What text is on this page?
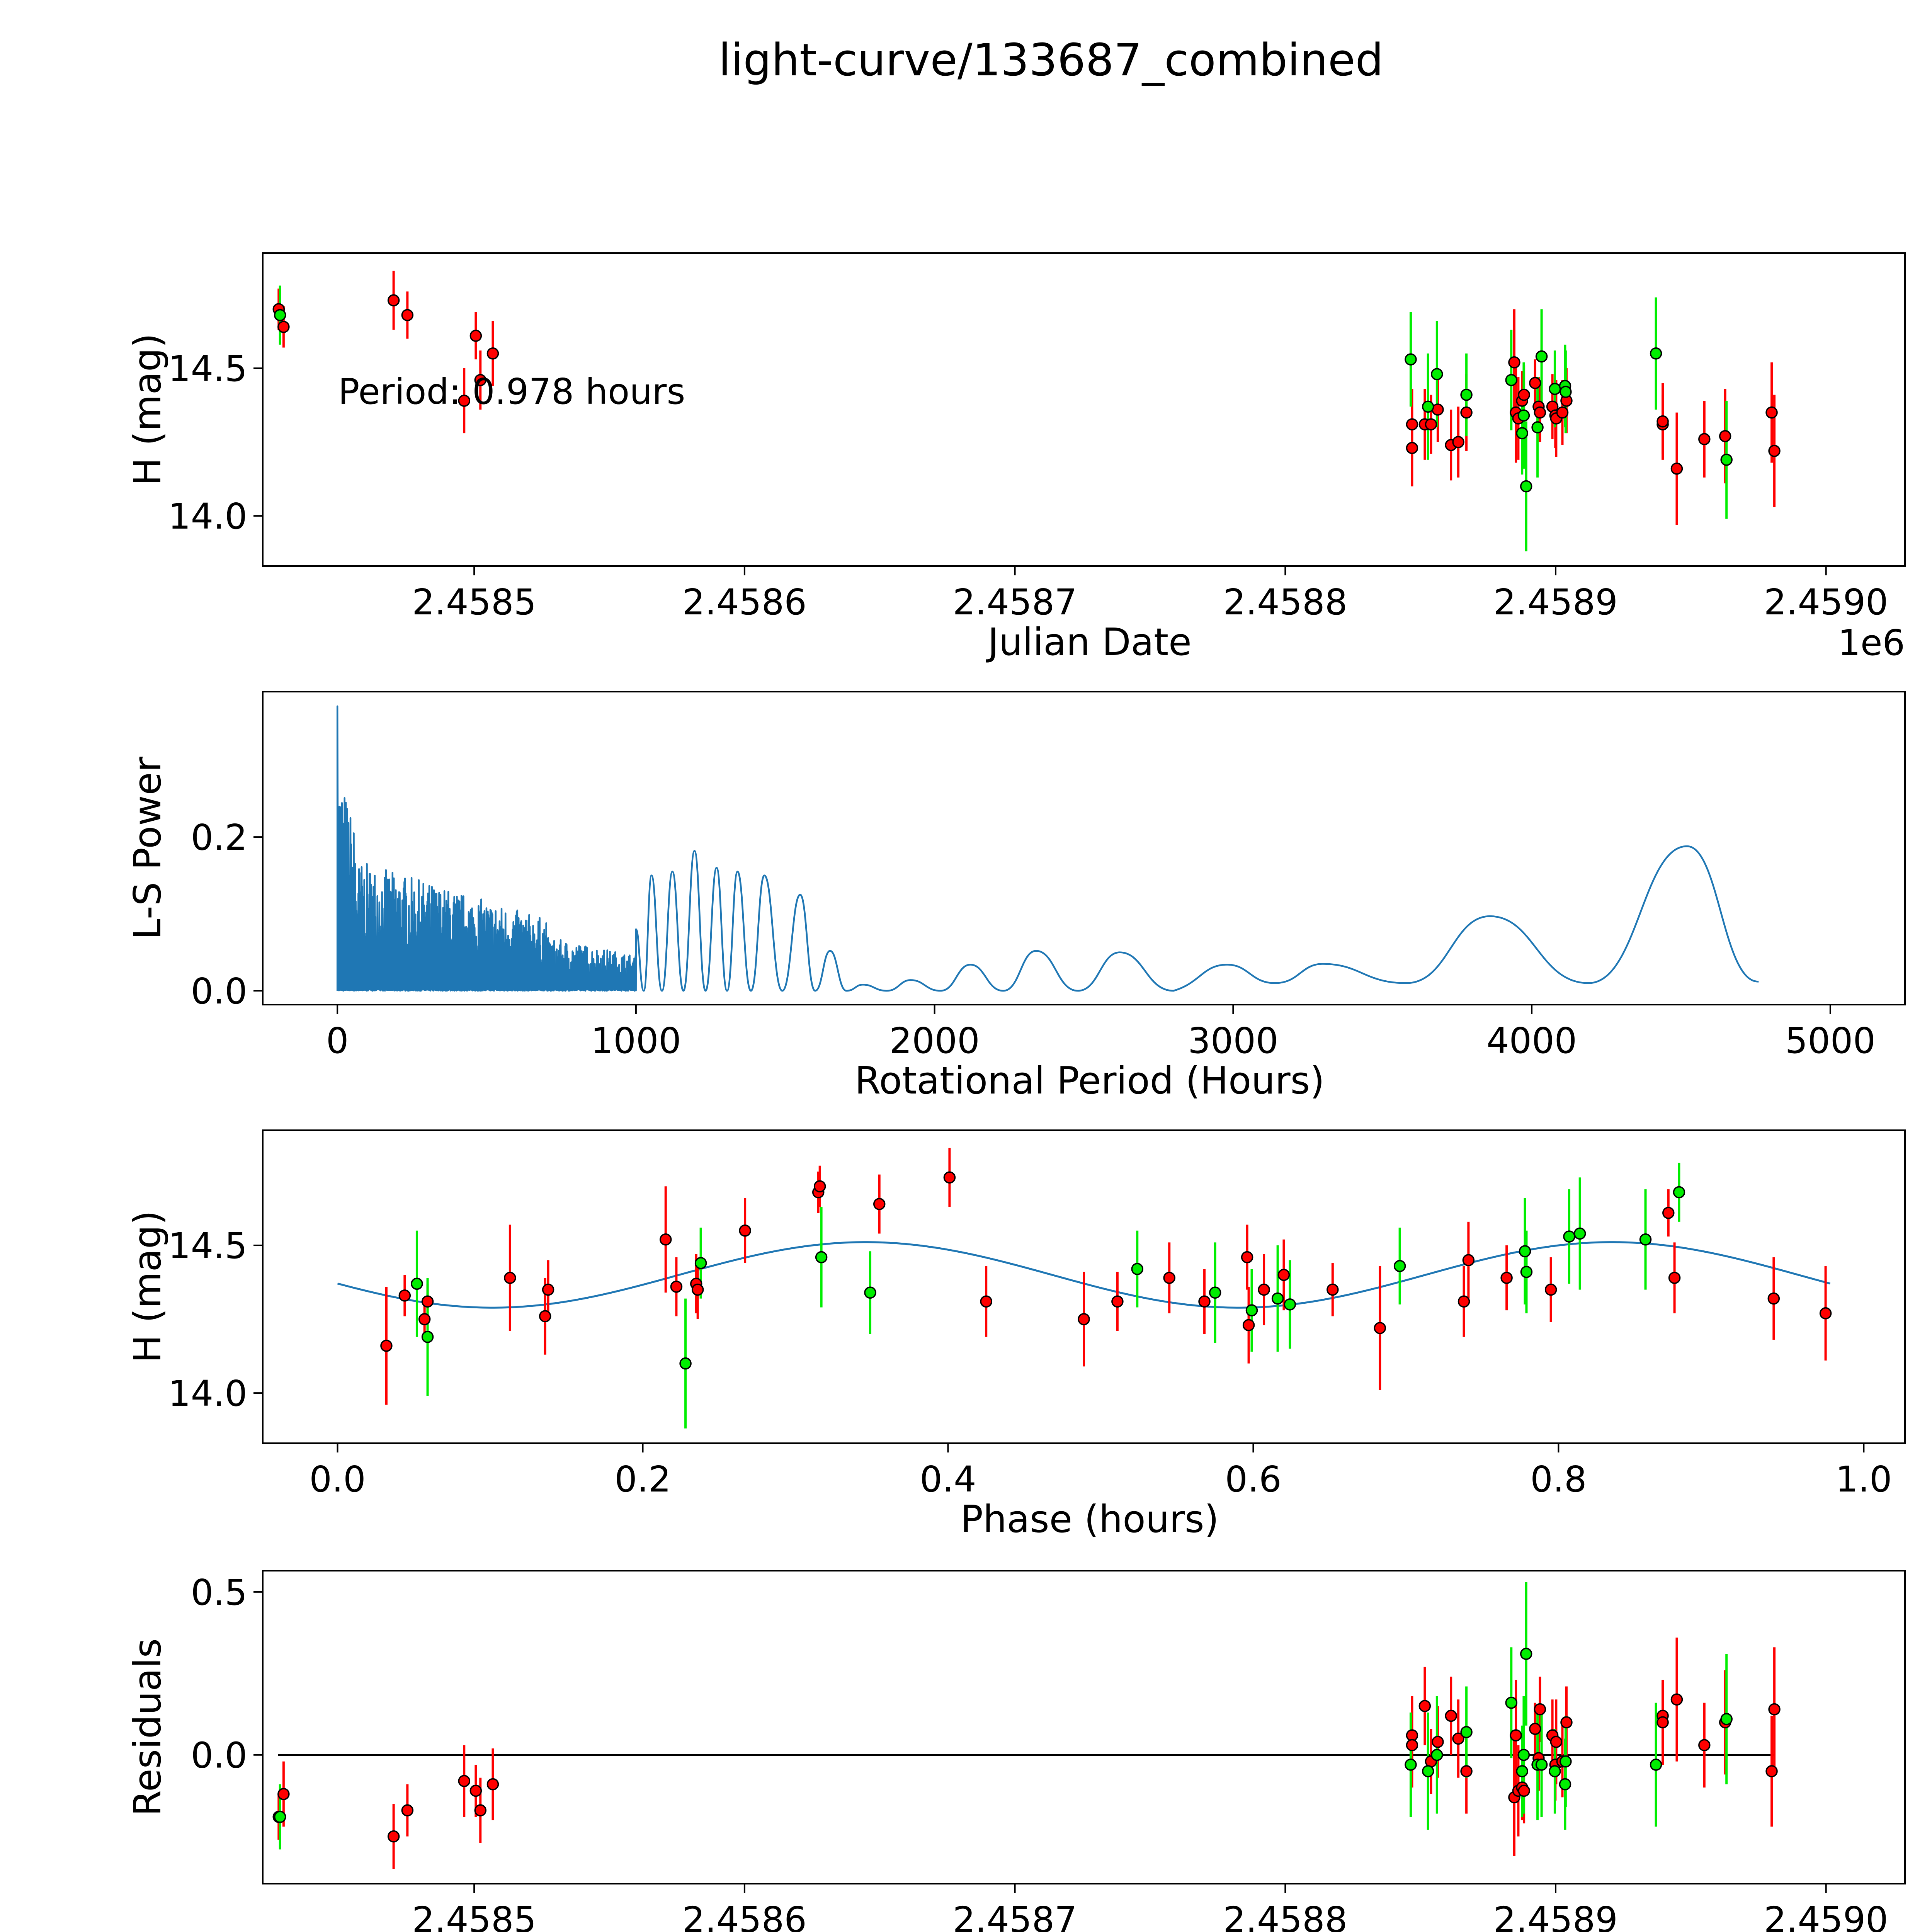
light-curve/133687_combined
2.4585	2.4586	2.4587	2.4588	2.4589	2.4590
14.0
14.5
Julian Date
H (mag)
1e6
Period: 0.978 hours
0	1000	2000	3000	4000	5000
0.0
0.2
Rotational Period (Hours)
L-S Power
0.0	0.2	0.4	0.6	0.8	1.0
14.0
14.5
Phase (hours)
H (mag)
2.4585	2.4586	2.4587	2.4588	2.4589	2.4590
0.0
0.5
Residuals
